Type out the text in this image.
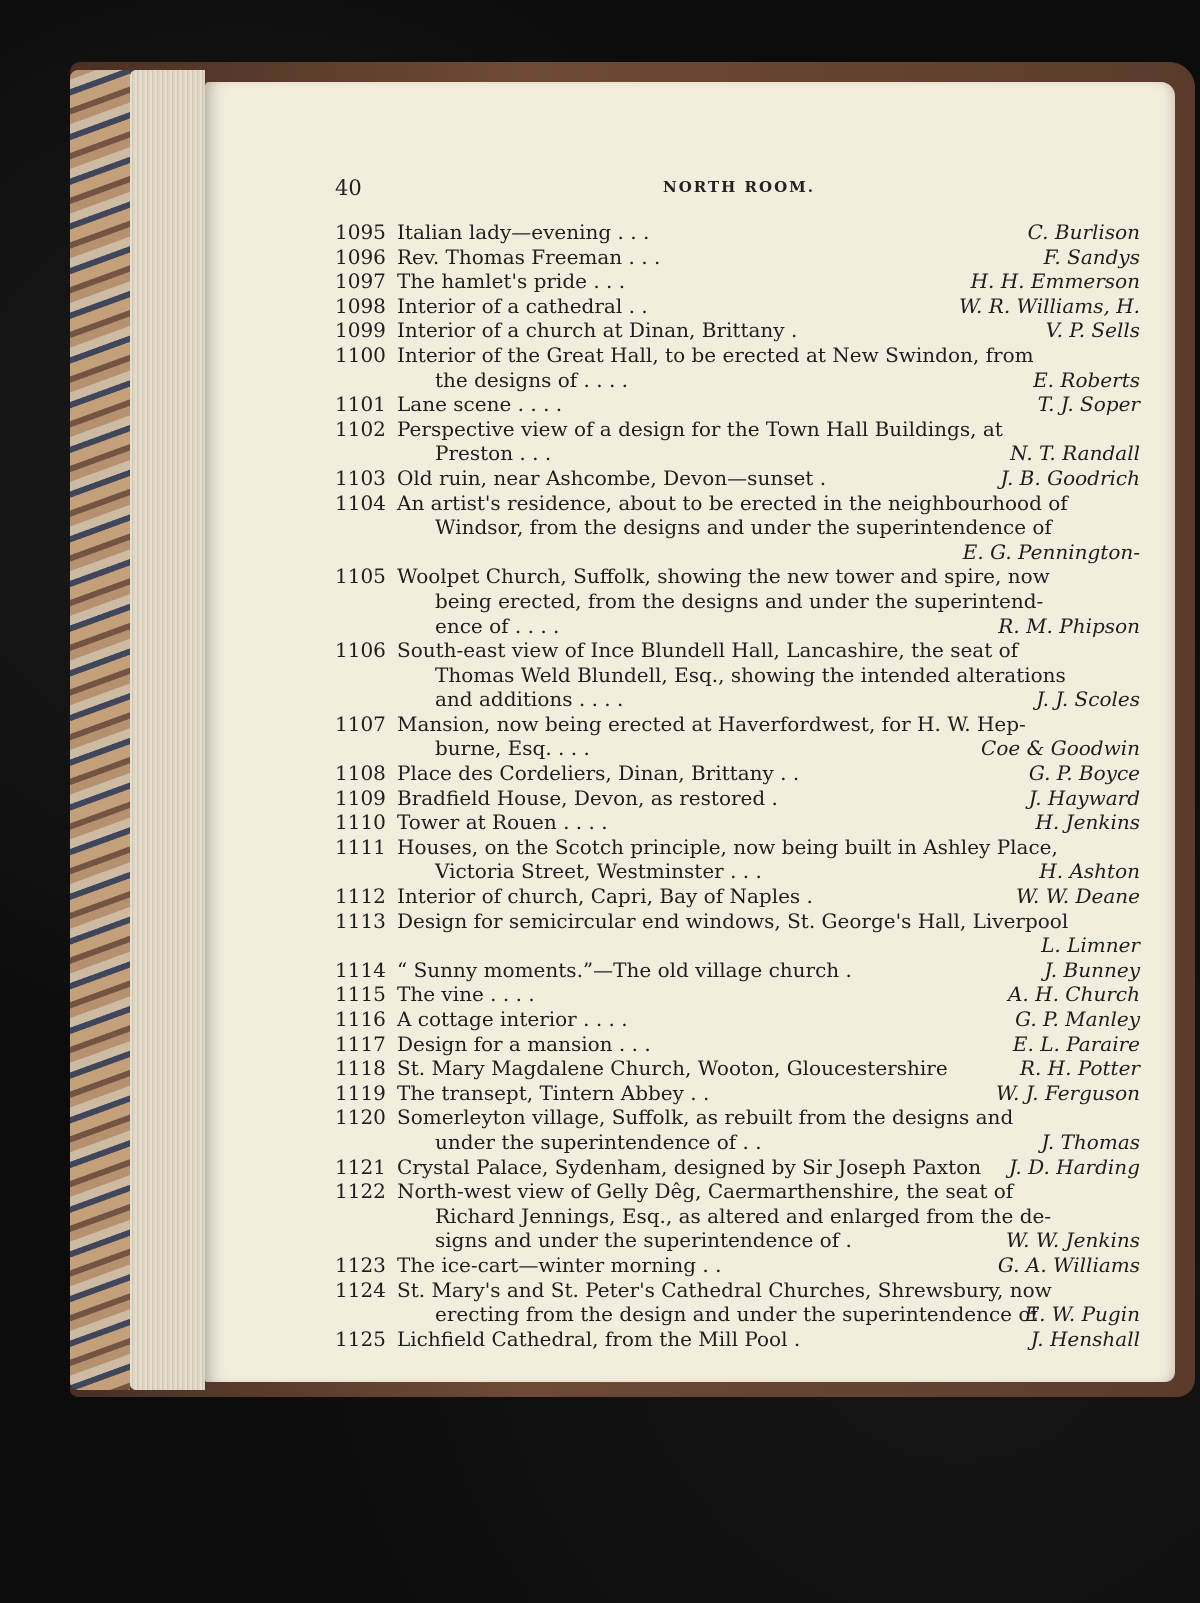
40	NORTH ROOM.
1095 Italian lady—evening . . .	C. Burlison
1096 Rev. Thomas Freeman . . .	F. Sandys
1097 The hamlet's pride . . .	H. H. Emmerson
1098 Interior of a cathedral . .	W. R. Williams, H.
1099 Interior of a church at Dinan, Brittany .	V. P. Sells
1100 Interior of the Great Hall, to be erected at New Swindon, from
the designs of . . . .	E. Roberts
1101 Lane scene . . . .	T. J. Soper
1102 Perspective view of a design for the Town Hall Buildings, at
Preston . . .	N. T. Randall
1103 Old ruin, near Ashcombe, Devon—sunset .	J. B. Goodrich
1104 An artist's residence, about to be erected in the neighbourhood of
Windsor, from the designs and under the superintendence of
E. G. Pennington-
1105 Woolpet Church, Suffolk, showing the new tower and spire, now
being erected, from the designs and under the superintend-
ence of . . . .	R. M. Phipson
1106 South-east view of Ince Blundell Hall, Lancashire, the seat of
Thomas Weld Blundell, Esq., showing the intended alterations
and additions . . . .	J. J. Scoles
1107 Mansion, now being erected at Haverfordwest, for H. W. Hep-
burne, Esq. . . .	Coe & Goodwin
1108 Place des Cordeliers, Dinan, Brittany . .	G. P. Boyce
1109 Bradfield House, Devon, as restored .	J. Hayward
1110 Tower at Rouen . . . .	H. Jenkins
1111 Houses, on the Scotch principle, now being built in Ashley Place,
Victoria Street, Westminster . . .	H. Ashton
1112 Interior of church, Capri, Bay of Naples .	W. W. Deane
1113 Design for semicircular end windows, St. George's Hall, Liverpool
L. Limner
1114 “ Sunny moments.”—The old village church .	J. Bunney
1115 The vine . . . .	A. H. Church
1116 A cottage interior . . . .	G. P. Manley
1117 Design for a mansion . . .	E. L. Paraire
1118 St. Mary Magdalene Church, Wooton, Gloucestershire	R. H. Potter
1119 The transept, Tintern Abbey . .	W. J. Ferguson
1120 Somerleyton village, Suffolk, as rebuilt from the designs and
under the superintendence of . .	J. Thomas
1121 Crystal Palace, Sydenham, designed by Sir Joseph Paxton J. D. Harding
1122 North-west view of Gelly Dêg, Caermarthenshire, the seat of
Richard Jennings, Esq., as altered and enlarged from the de-
signs and under the superintendence of .	W. W. Jenkins
1123 The ice-cart—winter morning . .	G. A. Williams
1124 St. Mary's and St. Peter's Cathedral Churches, Shrewsbury, now
erecting from the design and under the superintendence of
E. W. Pugin
1125 Lichfield Cathedral, from the Mill Pool .	J. Henshall
